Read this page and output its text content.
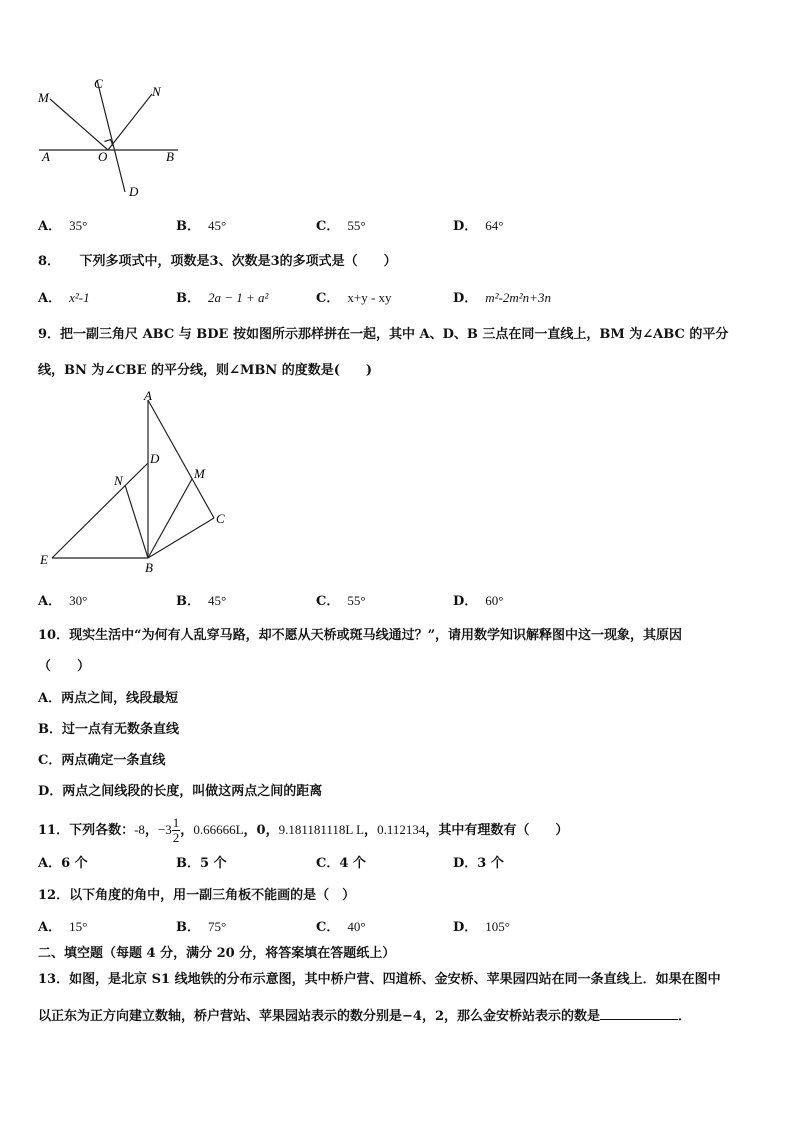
M
C
N
A	O	B
D
A． 35°	B． 45°	C． 55°	D． 64°
8．　　下列多项式中，项数是3、次数是3的多项式是（　　）
A． x²-1	B． 2a − 1 + a²	C． x+y - xy	D． m²-2m²n+3n
9．把一副三角尺 ABC 与 BDE 按如图所示那样拼在一起，其中 A、D、B 三点在同一直线上，BM 为∠ABC 的平分
线，BN 为∠CBE 的平分线，则∠MBN 的度数是(　　)
A
D
N	M
C
E
B
A． 30°	B． 45°	C． 55°	D． 60°
10．现实生活中“为何有人乱穿马路，却不愿从天桥或斑马线通过？”，请用数学知识解释图中这一现象，其原因
（　　）
A．两点之间，线段最短
B．过一点有无数条直线
C．两点确定一条直线
D．两点之间线段的长度，叫做这两点之间的距离
11．下列各数：-8，$-3 \frac{1}{2}$ ，0.66666L，0，9.181181118L L，0.112134，其中有理数有（　　）
A．6 个	B．5 个	C．4 个	D．3 个
12．以下角度的角中，用一副三角板不能画的是（　）
A． 15°	B． 75°	C． 40°	D． 105°
二、填空题（每题 4 分，满分 20 分，将答案填在答题纸上）
13．如图，是北京 S1 线地铁的分布示意图，其中桥户营、四道桥、金安桥、苹果园四站在同一条直线上．如果在图中
以正东为正方向建立数轴，桥户营站、苹果园站表示的数分别是−4，2，那么金安桥站表示的数是	．
